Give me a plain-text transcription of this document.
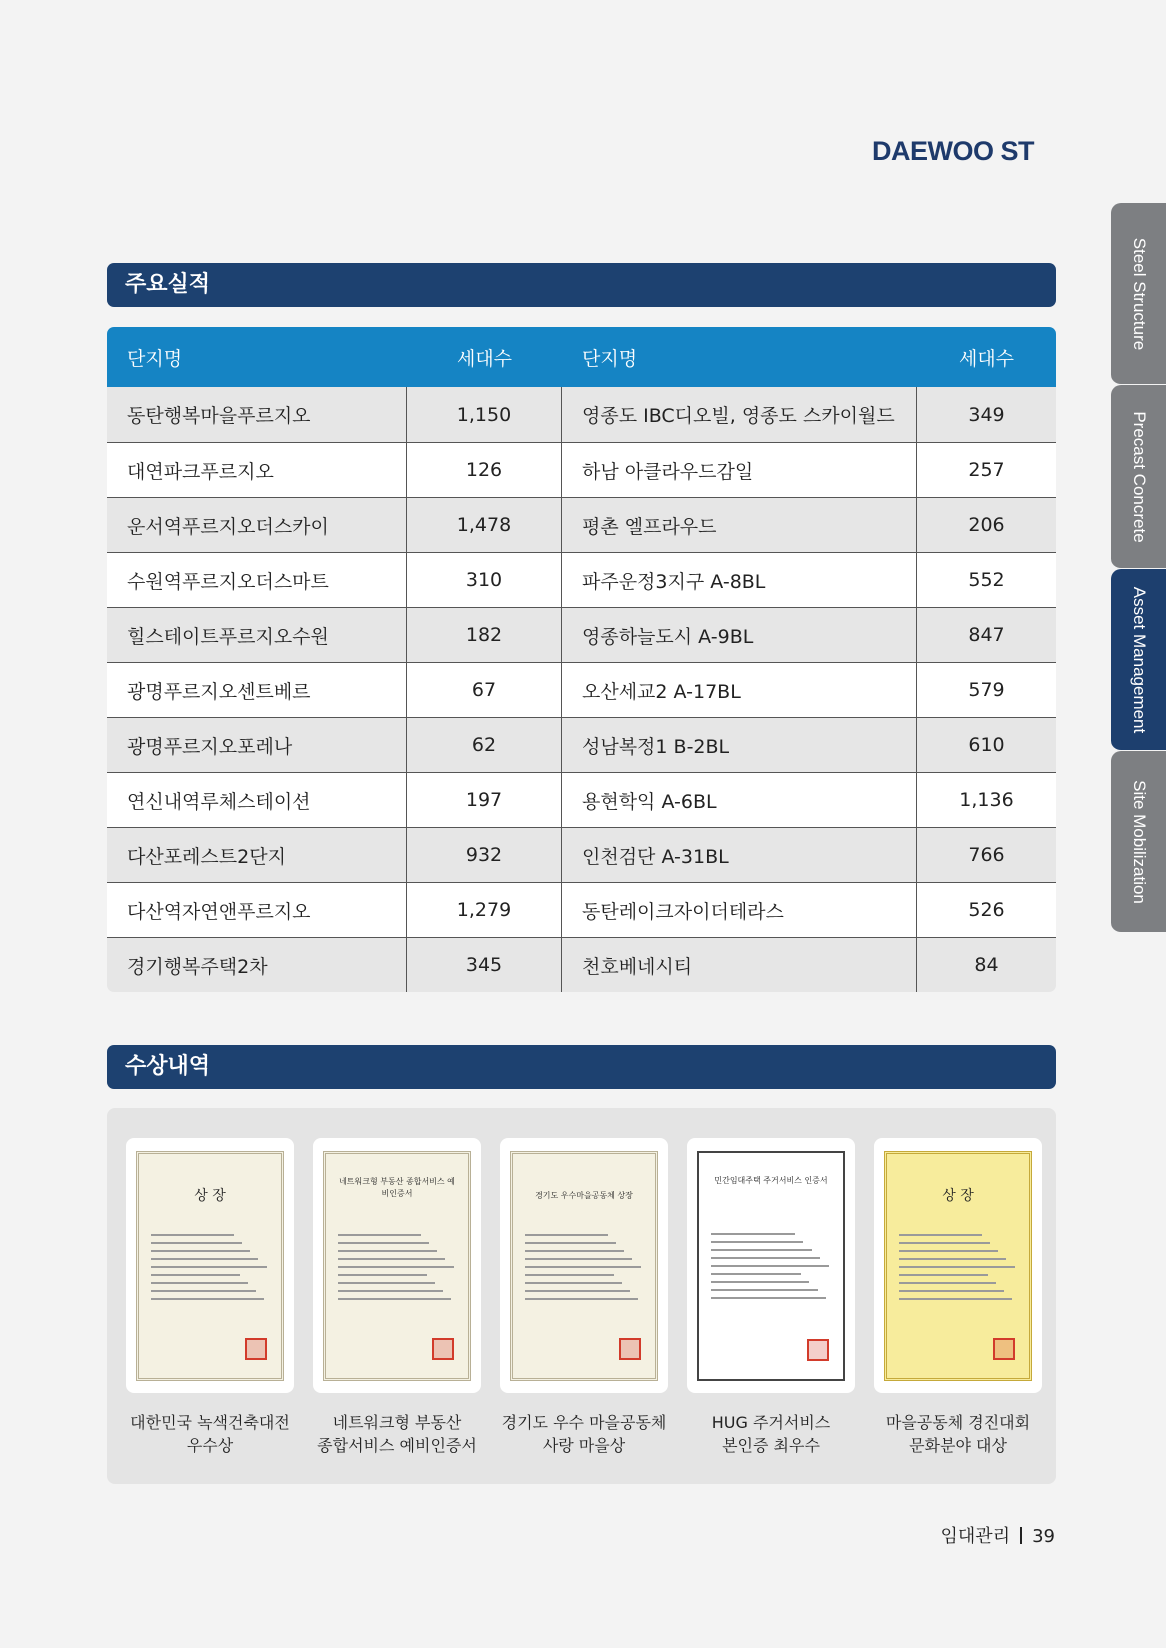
DAEWOO ST
Steel Structure
Precast Concrete
Asset Management
Site Mobilization
주요실적
단지명	세대수	단지명	세대수
동탄행복마을푸르지오	1,150	영종도 IBC디오빌, 영종도 스카이월드	349
대연파크푸르지오	126	하남 아클라우드감일	257
운서역푸르지오더스카이	1,478	평촌 엘프라우드	206
수원역푸르지오더스마트	310	파주운정3지구 A-8BL	552
힐스테이트푸르지오수원	182	영종하늘도시 A-9BL	847
광명푸르지오센트베르	67	오산세교2 A-17BL	579
광명푸르지오포레나	62	성남복정1 B-2BL	610
연신내역루체스테이션	197	용현학익 A-6BL	1,136
다산포레스트2단지	932	인천검단 A-31BL	766
다산역자연앤푸르지오	1,279	동탄레이크자이더테라스	526
경기행복주택2차	345	천호베네시티	84
수상내역
상 장
대한민국 녹색건축대전
우수상
네트워크형 부동산 종합서비스 예비인증서
네트워크형 부동산
종합서비스 예비인증서
경기도 우수마을공동체 상장
경기도 우수 마을공동체
사랑 마을상
민간임대주택 주거서비스 인증서
HUG 주거서비스
본인증 최우수
상 장
마을공동체 경진대회
문화분야 대상
임대관리 39
